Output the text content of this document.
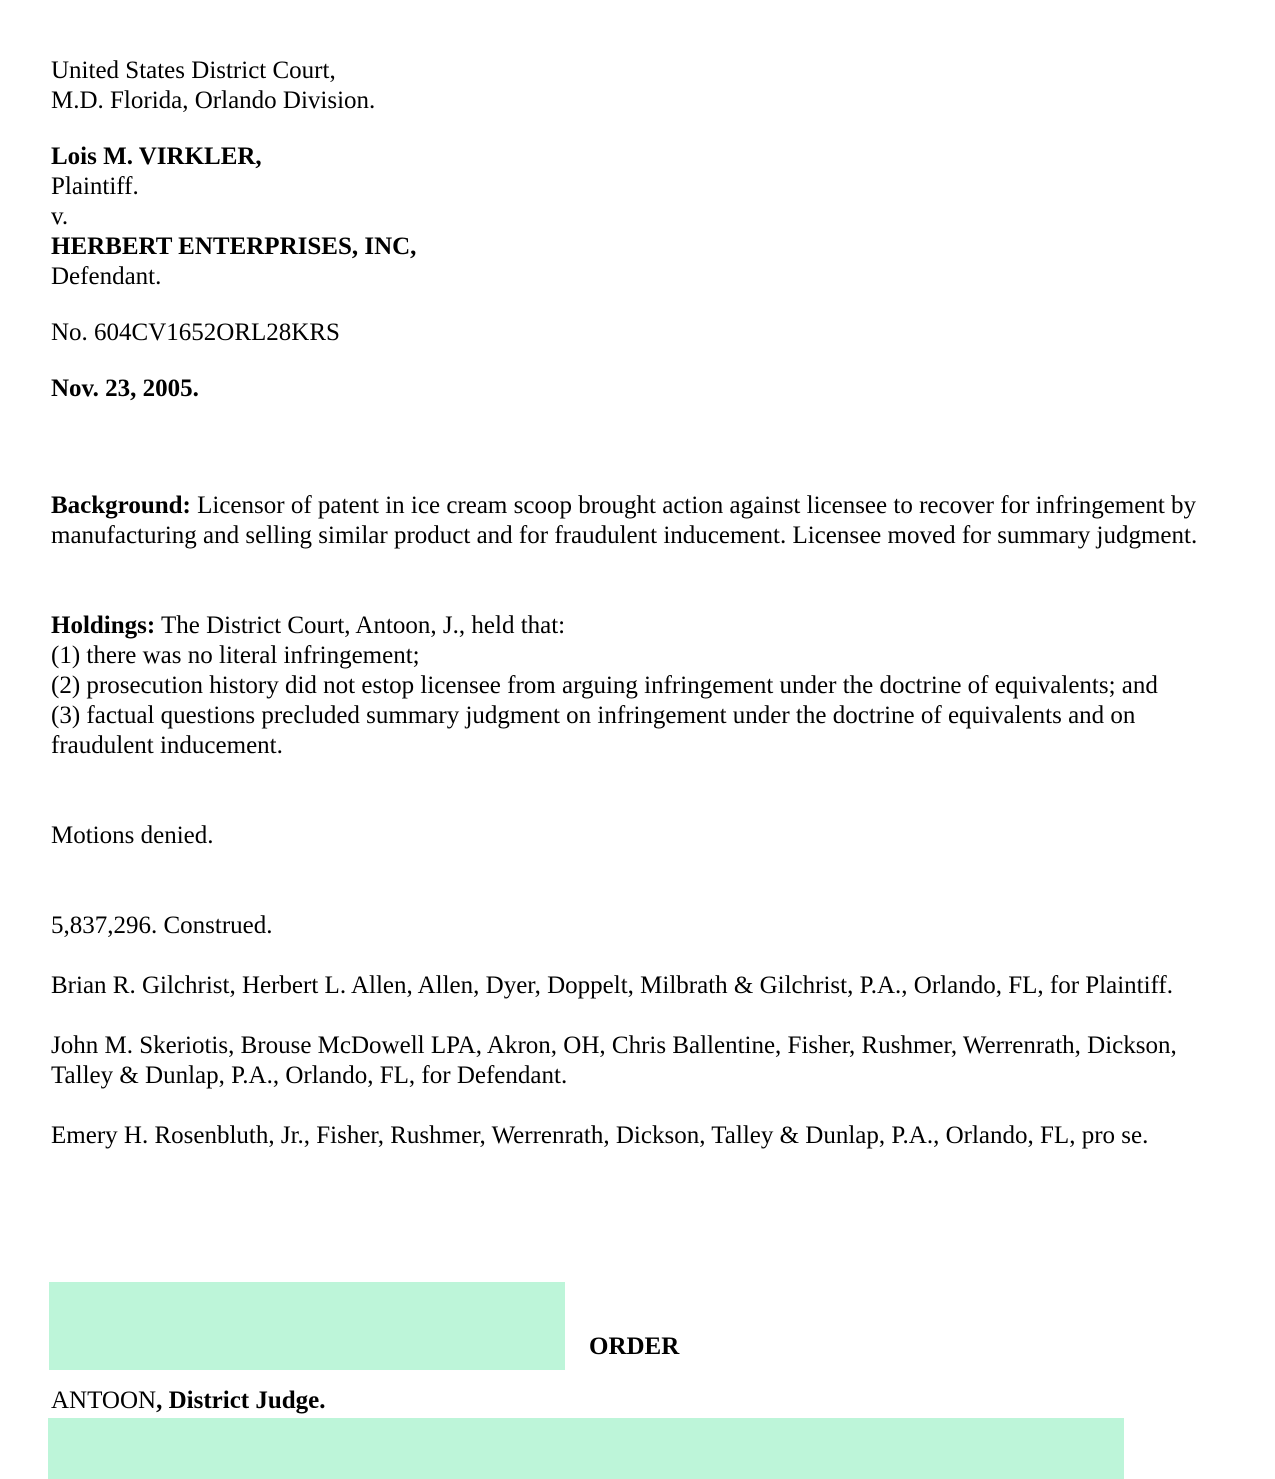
United States District Court,
M.D. Florida, Orlando Division.
Lois M. VIRKLER,
Plaintiff.
v.
HERBERT ENTERPRISES, INC,
Defendant.
No. 604CV1652ORL28KRS
Nov. 23, 2005.
Background: Licensor of patent in ice cream scoop brought action against licensee to recover for infringement by manufacturing and selling similar product and for fraudulent inducement. Licensee moved for summary judgment.
Holdings: The District Court, Antoon, J., held that:
(1) there was no literal infringement;
(2) prosecution history did not estop licensee from arguing infringement under the doctrine of equivalents; and
(3) factual questions precluded summary judgment on infringement under the doctrine of equivalents and on fraudulent inducement.
Motions denied.
5,837,296. Construed.
Brian R. Gilchrist, Herbert L. Allen, Allen, Dyer, Doppelt, Milbrath & Gilchrist, P.A., Orlando, FL, for Plaintiff.
John M. Skeriotis, Brouse McDowell LPA, Akron, OH, Chris Ballentine, Fisher, Rushmer, Werrenrath, Dickson, Talley & Dunlap, P.A., Orlando, FL, for Defendant.
Emery H. Rosenbluth, Jr., Fisher, Rushmer, Werrenrath, Dickson, Talley & Dunlap, P.A., Orlando, FL, pro se.
ORDER
ANTOON, District Judge.
